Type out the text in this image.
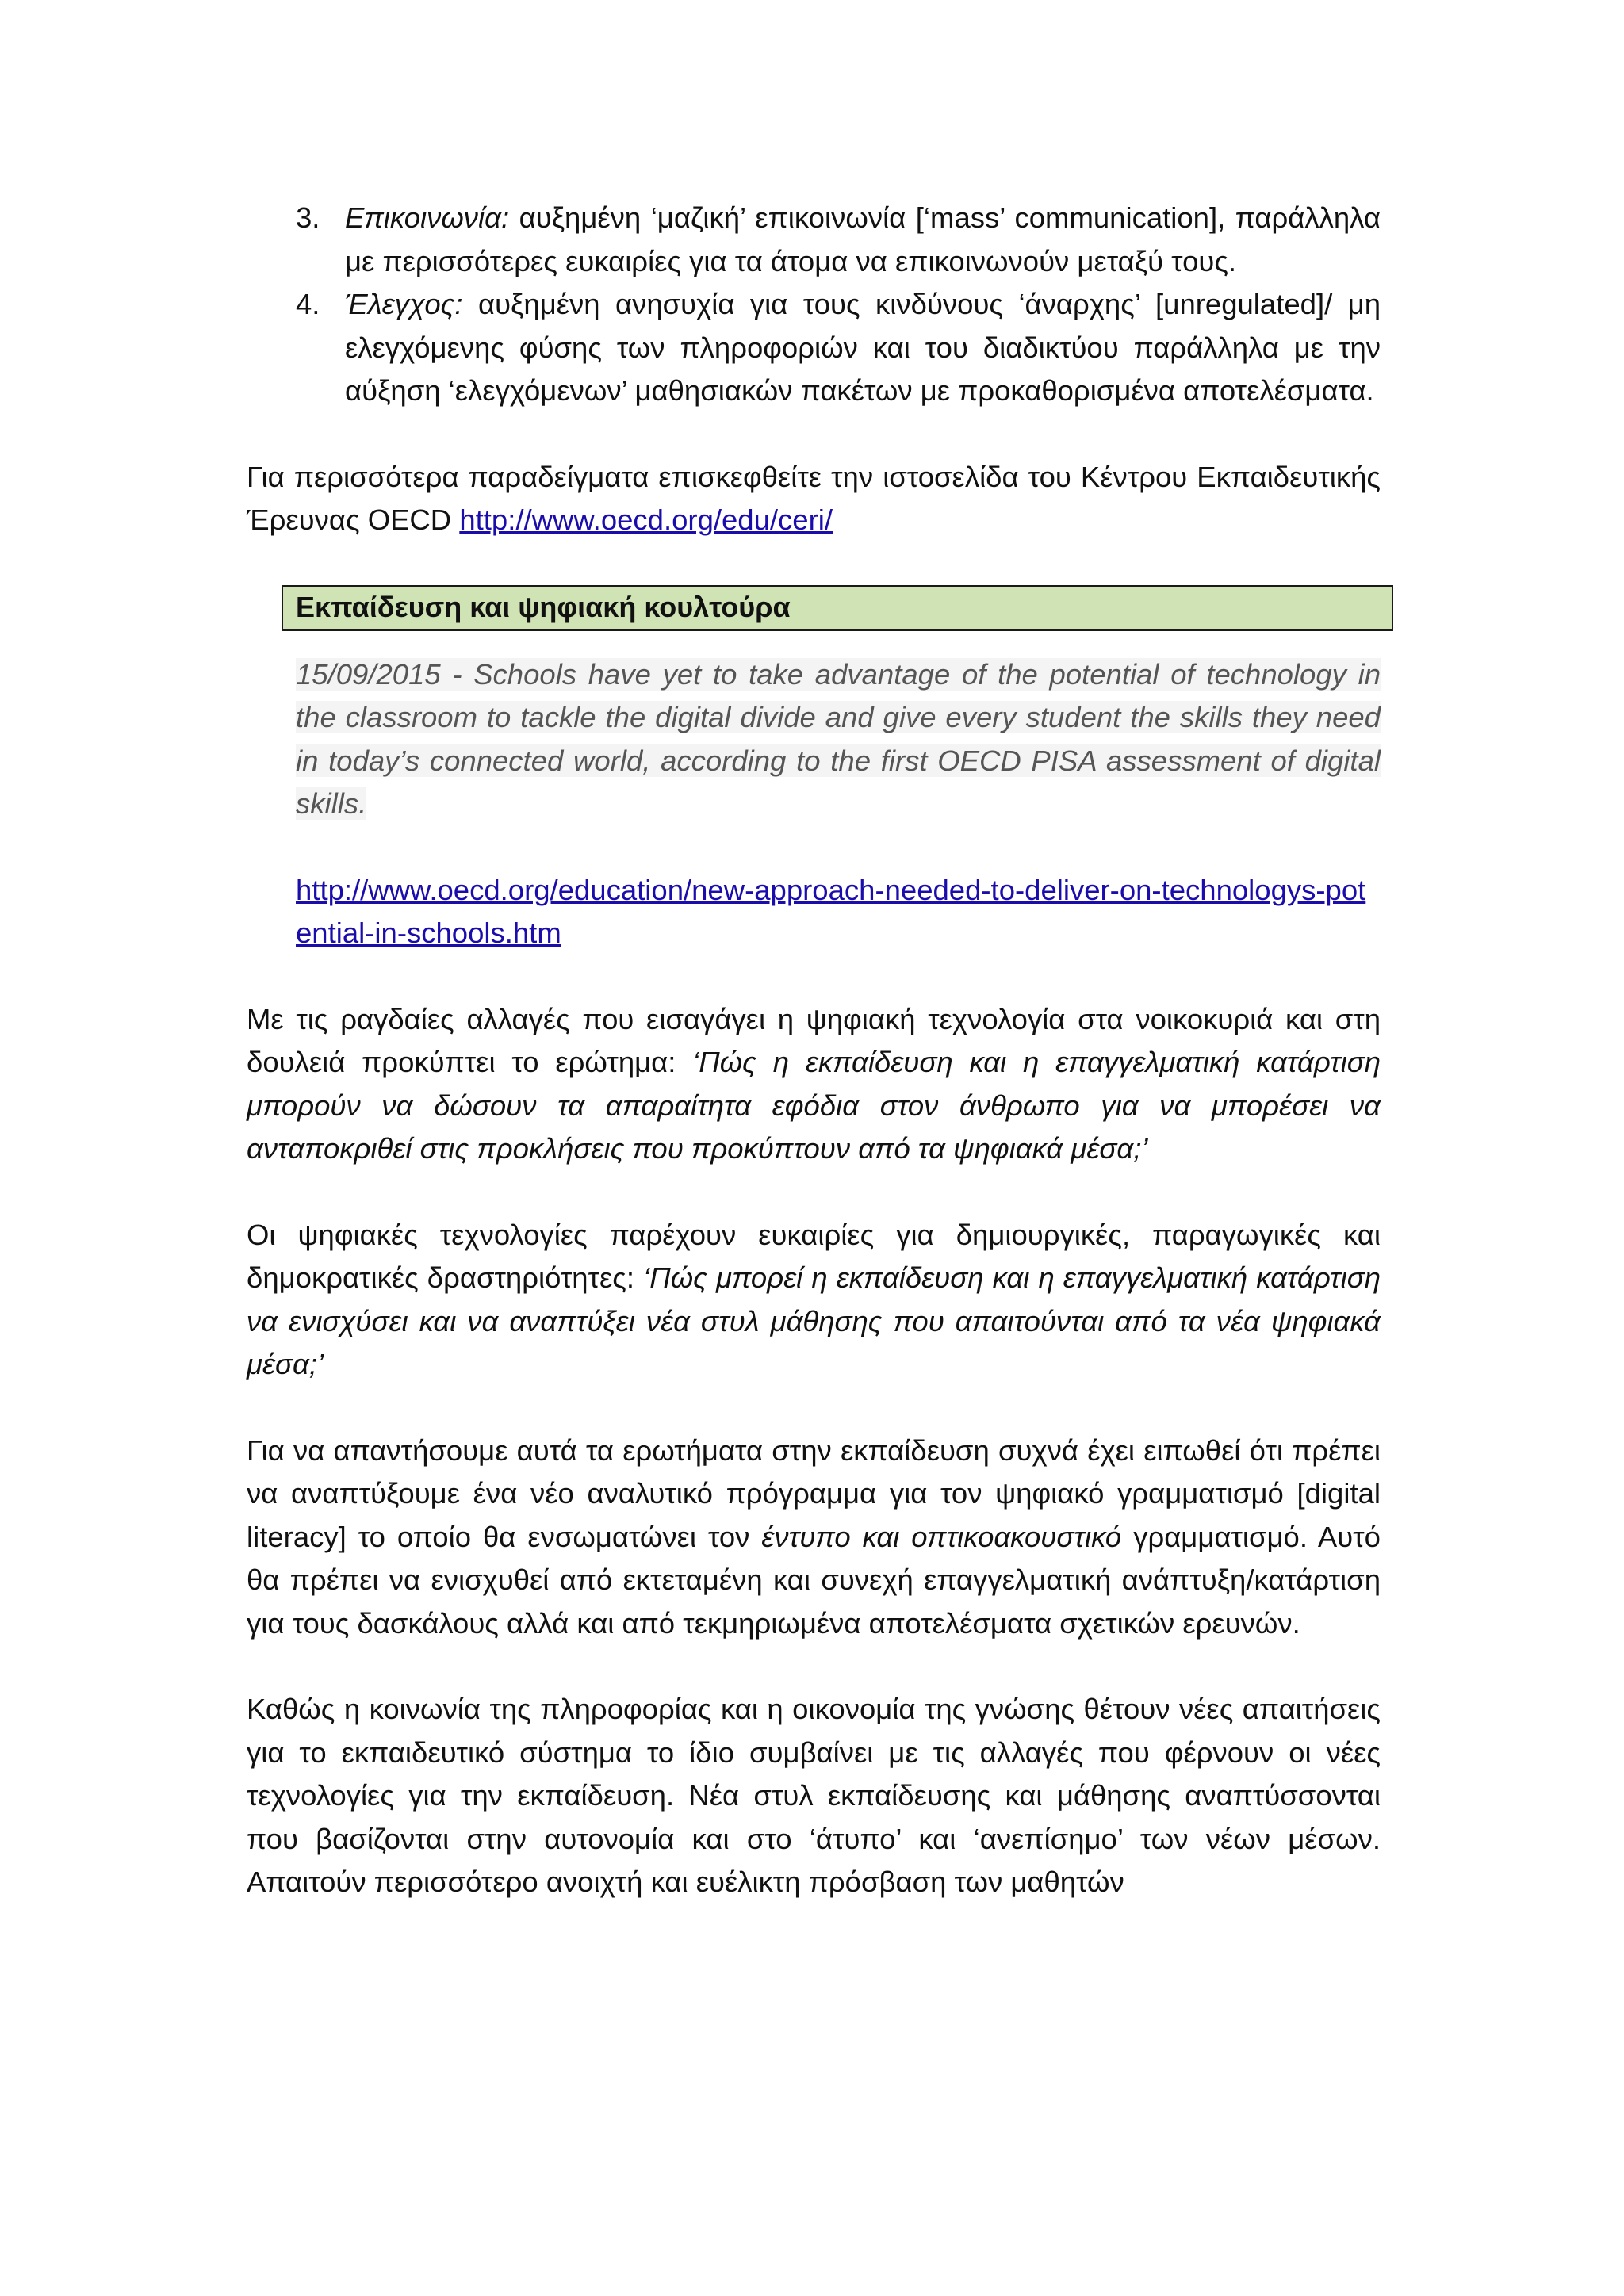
3. Επικοινωνία: αυξημένη ‘μαζική’ επικοινωνία [‘mass’ communication], παράλληλα με περισσότερες ευκαιρίες για τα άτομα να επικοινωνούν μεταξύ τους.
4. Έλεγχος: αυξημένη ανησυχία για τους κινδύνους ‘άναρχης’ [unregulated]/ μη ελεγχόμενης φύσης των πληροφοριών και του διαδικτύου παράλληλα με την αύξηση ‘ελεγχόμενων’ μαθησιακών πακέτων με προκαθορισμένα αποτελέσματα.

Για περισσότερα παραδείγματα επισκεφθείτε την ιστοσελίδα του Κέντρου Εκπαιδευτικής Έρευνας OECD http://www.oecd.org/edu/ceri/

Εκπαίδευση και ψηφιακή κουλτούρα

15/09/2015 - Schools have yet to take advantage of the potential of technology in the classroom to tackle the digital divide and give every student the skills they need in today’s connected world, according to the first OECD PISA assessment of digital skills.

http://www.oecd.org/education/new-approach-needed-to-deliver-on-technologys-potential-in-schools.htm

Με τις ραγδαίες αλλαγές που εισαγάγει η ψηφιακή τεχνολογία στα νοικοκυριά και στη δουλειά προκύπτει το ερώτημα: ‘Πώς η εκπαίδευση και η επαγγελματική κατάρτιση μπορούν να δώσουν τα απαραίτητα εφόδια στον άνθρωπο για να μπορέσει να ανταποκριθεί στις προκλήσεις που προκύπτουν από τα ψηφιακά μέσα;’

Οι ψηφιακές τεχνολογίες παρέχουν ευκαιρίες για δημιουργικές, παραγωγικές και δημοκρατικές δραστηριότητες: ‘Πώς μπορεί η εκπαίδευση και η επαγγελματική κατάρτιση να ενισχύσει και να αναπτύξει νέα στυλ μάθησης που απαιτούνται από τα νέα ψηφιακά μέσα;’

Για να απαντήσουμε αυτά τα ερωτήματα στην εκπαίδευση συχνά έχει ειπωθεί ότι πρέπει να αναπτύξουμε ένα νέο αναλυτικό πρόγραμμα για τον ψηφιακό γραμματισμό [digital literacy] το οποίο θα ενσωματώνει τον έντυπο και οπτικοακουστικό γραμματισμό. Αυτό θα πρέπει να ενισχυθεί από εκτεταμένη και συνεχή επαγγελματική ανάπτυξη/κατάρτιση για τους δασκάλους αλλά και από τεκμηριωμένα αποτελέσματα σχετικών ερευνών.

Καθώς η κοινωνία της πληροφορίας και η οικονομία της γνώσης θέτουν νέες απαιτήσεις για το εκπαιδευτικό σύστημα το ίδιο συμβαίνει με τις αλλαγές που φέρνουν οι νέες τεχνολογίες για την εκπαίδευση. Νέα στυλ εκπαίδευσης και μάθησης αναπτύσσονται που βασίζονται στην αυτονομία και στο ‘άτυπο’ και ‘ανεπίσημο’ των νέων μέσων. Απαιτούν περισσότερο ανοιχτή και ευέλικτη πρόσβαση των μαθητών
